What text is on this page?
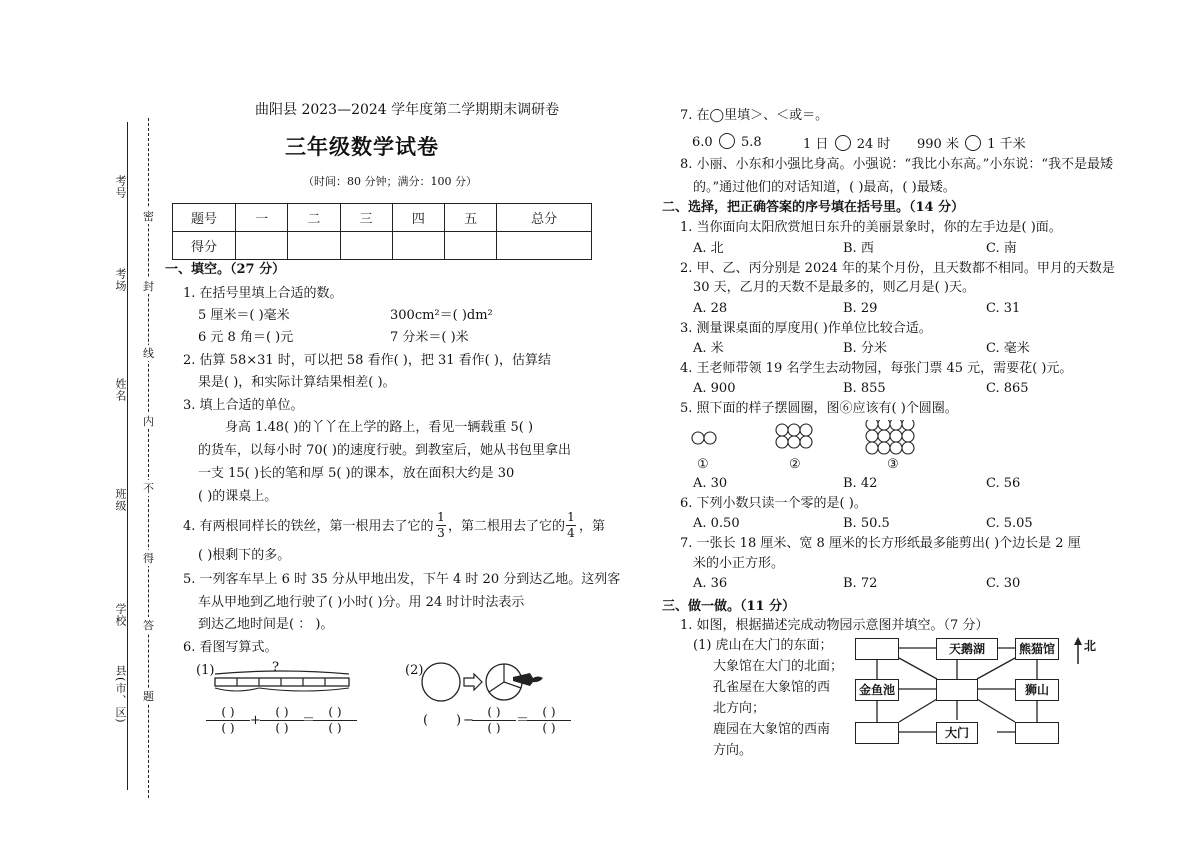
考号
考场
姓名
班级
学校
县(市、区)
密
封
线
内
不
得
答
题
曲阳县 2023—2024 学年度第二学期期末调研卷
三年级数学试卷
（时间：80 分钟；满分：100 分）
题号	一	二	三	四	五	总分
得分						
一、填空。（27 分）
1. 在括号里填上合适的数。
5 厘米＝( )毫米	300cm²＝( )dm²
6 元 8 角＝( )元	7 分米＝( )米
2. 估算 58×31 时，可以把 58 看作( )，把 31 看作( )，估算结
果是( )，和实际计算结果相差( )。
3. 填上合适的单位。
身高 1.48( )的丫丫在上学的路上，看见一辆载重 5( )
的货车，以每小时 70( )的速度行驶。到教室后，她从书包里拿出
一支 15( )长的笔和厚 5( )的课本，放在面积大约是 30
( )的课桌上。
4. 有两根同样长的铁丝，第一根用去了它的
1
3 ，第二根用去了它的
1
4 ，第
( )根剩下的多。
5. 一列客车早上 6 时 35 分从甲地出发，下午 4 时 20 分到达乙地。这列客
车从甲地到乙地行驶了( )小时( )分。用 24 时计时法表示
到达乙地时间是( ： )。
6. 看图写算式。
(1)	?
( )
( )	+
( )
( )	＝
( )
( )
(2)
( ) −
( )
( )	＝
( )
( )
7. 在◯里填＞、＜或＝。
6.0 5.8	1 日 24 时 990 米 1 千米
8. 小丽、小东和小强比身高。小强说：“我比小东高。”小东说：“我不是最矮
的。”通过他们的对话知道，( )最高，( )最矮。
二、选择，把正确答案的序号填在括号里。（14 分）
1. 当你面向太阳欣赏旭日东升的美丽景象时，你的左手边是( )面。
A. 北	B. 西	C. 南
2. 甲、乙、丙分别是 2024 年的某个月份，且天数都不相同。甲月的天数是
30 天，乙月的天数不是最多的，则乙月是( )天。
A. 28	B. 29	C. 31
3. 测量课桌面的厚度用( )作单位比较合适。
A. 米	B. 分米	C. 毫米
4. 王老师带领 19 名学生去动物园，每张门票 45 元，需要花( )元。
A. 900	B. 855	C. 865
5. 照下面的样子摆圆圈，图⑥应该有( )个圆圈。
①	②	③
A. 30	B. 42	C. 56
6. 下列小数只读一个零的是( )。
A. 0.50	B. 50.5	C. 5.05
7. 一张长 18 厘米、宽 8 厘米的长方形纸最多能剪出( )个边长是 2 厘
米的小正方形。
A. 36	B. 72	C. 30
三、做一做。（11 分）
1. 如图，根据描述完成动物园示意图并填空。（7 分）
(1) 虎山在大门的东面；
大象馆在大门的北面；
孔雀屋在大象馆的西
北方向；
鹿园在大象馆的西南
方向。
天鹅湖	熊猫馆
金鱼池	狮山
大门
北
